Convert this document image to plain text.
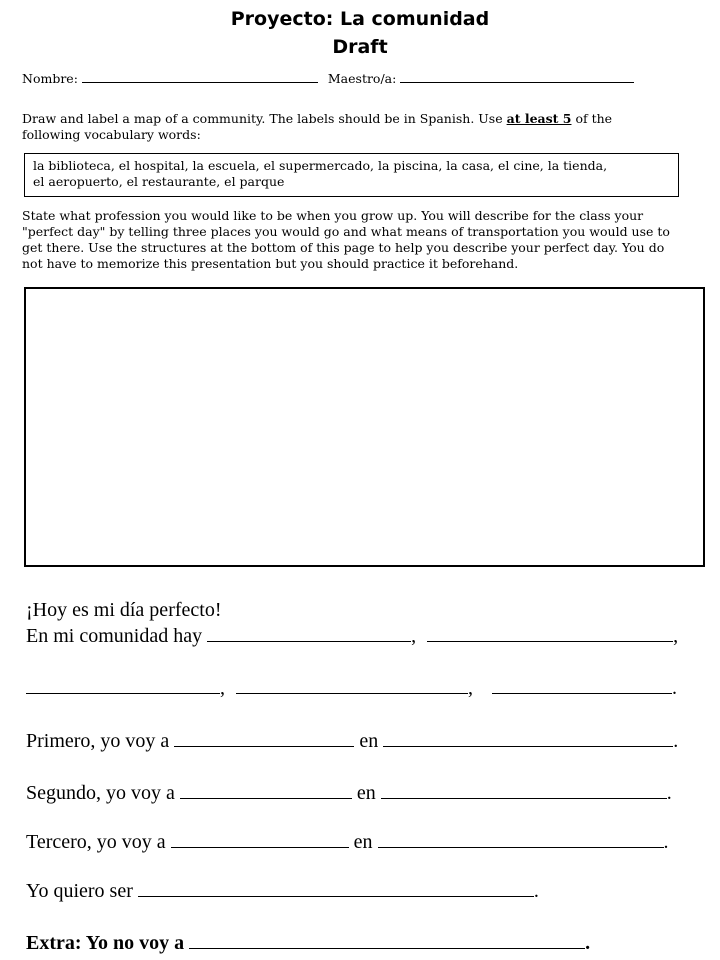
Proyecto: La comunidad
Draft
Nombre:	Maestro/a:
Draw and label a map of a community. The labels should be in Spanish. Use at least 5 of the following vocabulary words:
la biblioteca, el hospital, la escuela, el supermercado, la piscina, la casa, el cine, la tienda,
el aeropuerto, el restaurante, el parque
State what profession you would like to be when you grow up. You will describe for the class your "perfect day" by telling three places you would go and what means of transportation you would use to get there. Use the structures at the bottom of this page to help you describe your perfect day. You do not have to memorize this presentation but you should practice it beforehand.
¡Hoy es mi día perfecto!
En mi comunidad hay	,	,
,	,	.
Primero, yo voy a	en	.
Segundo, yo voy a	en	.
Tercero, yo voy a	en	.
Yo quiero ser	.
Extra: Yo no voy a	.
